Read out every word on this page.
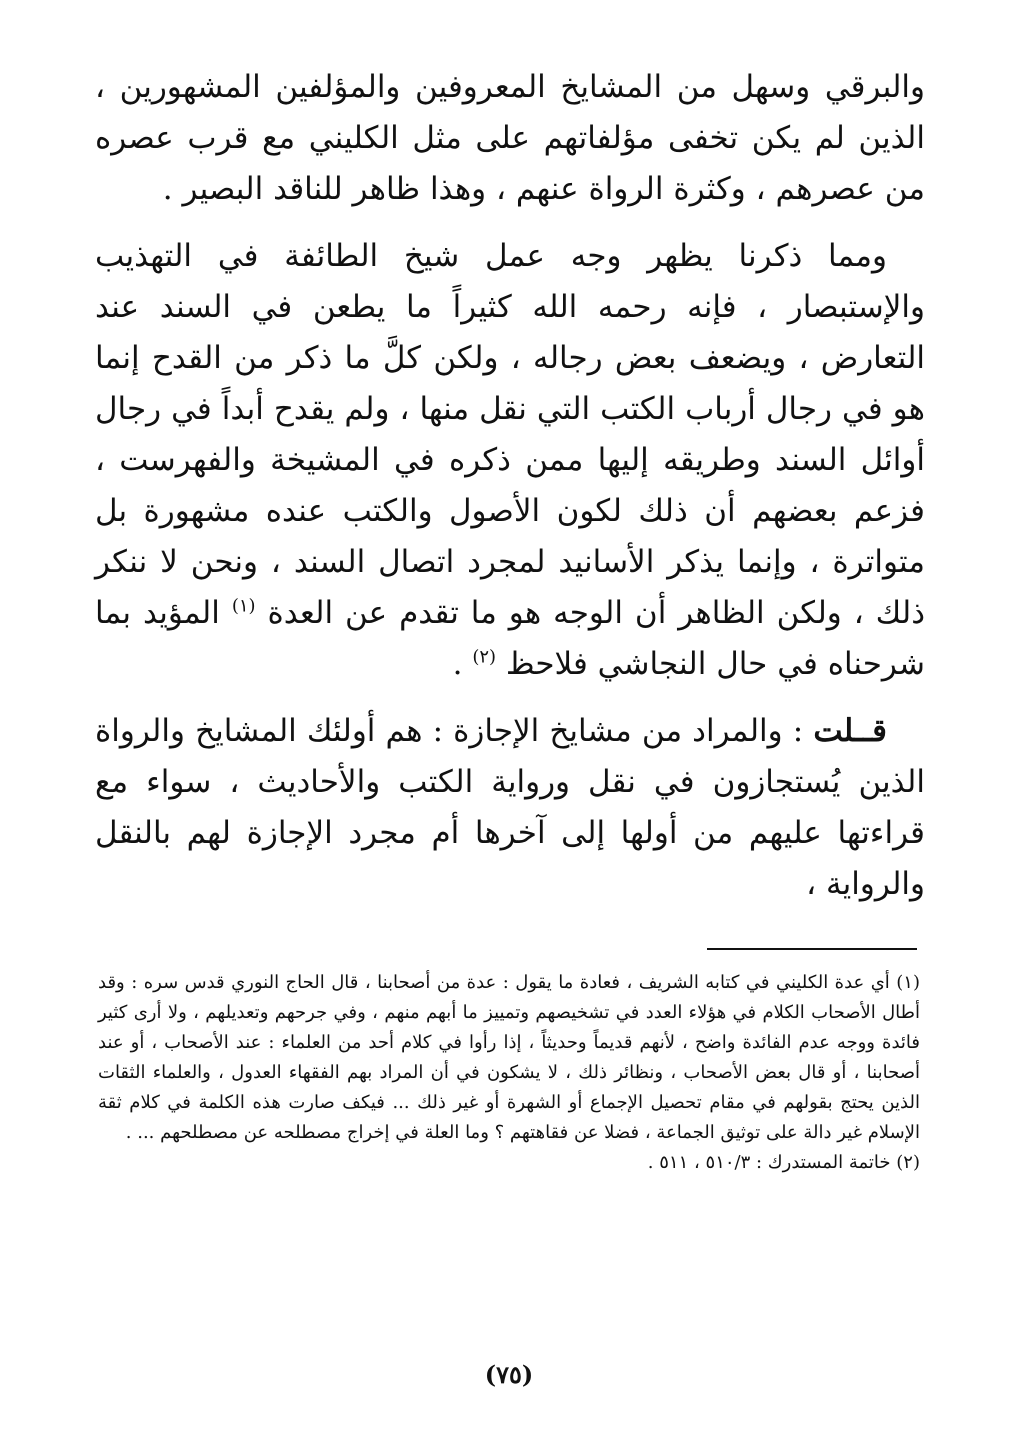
والبرقي وسهل من المشايخ المعروفين والمؤلفين المشهورين ، الذين لم يكن تخفى مؤلفاتهم على مثل الكليني مع قرب عصره من عصرهم ، وكثرة الرواة عنهم ، وهذا ظاهر للناقد البصير .

ومما ذكرنا يظهر وجه عمل شيخ الطائفة في التهذيب والإستبصار ، فإنه رحمه الله كثيراً ما يطعن في السند عند التعارض ، ويضعف بعض رجاله ، ولكن كلَّ ما ذكر من القدح إنما هو في رجال أرباب الكتب التي نقل منها ، ولم يقدح أبداً في رجال أوائل السند وطريقه إليها ممن ذكره في المشيخة والفهرست ، فزعم بعضهم أن ذلك لكون الأصول والكتب عنده مشهورة بل متواترة ، وإنما يذكر الأسانيد لمجرد اتصال السند ، ونحن لا ننكر ذلك ، ولكن الظاهر أن الوجه هو ما تقدم عن العدة $^{(١)}$ المؤيد بما شرحناه في حال النجاشي فلاحظ $^{(٢)}$ .

قــلت : والمراد من مشايخ الإجازة : هم أولئك المشايخ والرواة الذين يُستجازون في نقل ورواية الكتب والأحاديث ، سواء مع قراءتها عليهم من أولها إلى آخرها أم مجرد الإجازة لهم بالنقل والرواية ،

(١) أي عدة الكليني في كتابه الشريف ، فعادة ما يقول : عدة من أصحابنا ، قال الحاج النوري قدس سره : وقد أطال الأصحاب الكلام في هؤلاء العدد في تشخيصهم وتمييز ما أبهم منهم ، وفي جرحهم وتعديلهم ، ولا أرى كثير فائدة ووجه عدم الفائدة واضح ، لأنهم قديماً وحديثاً ، إذا رأوا في كلام أحد من العلماء : عند الأصحاب ، أو عند أصحابنا ، أو قال بعض الأصحاب ، ونظائر ذلك ، لا يشكون في أن المراد بهم الفقهاء العدول ، والعلماء الثقات الذين يحتج بقولهم في مقام تحصيل الإجماع أو الشهرة أو غير ذلك ... فيكف صارت هذه الكلمة في كلام ثقة الإسلام غير دالة على توثيق الجماعة ، فضلا عن فقاهتهم ؟ وما العلة في إخراج مصطلحه عن مصطلحهم ... .

(٢) خاتمة المستدرك : ٥١٠/٣ ، ٥١١ .

(٧٥)
